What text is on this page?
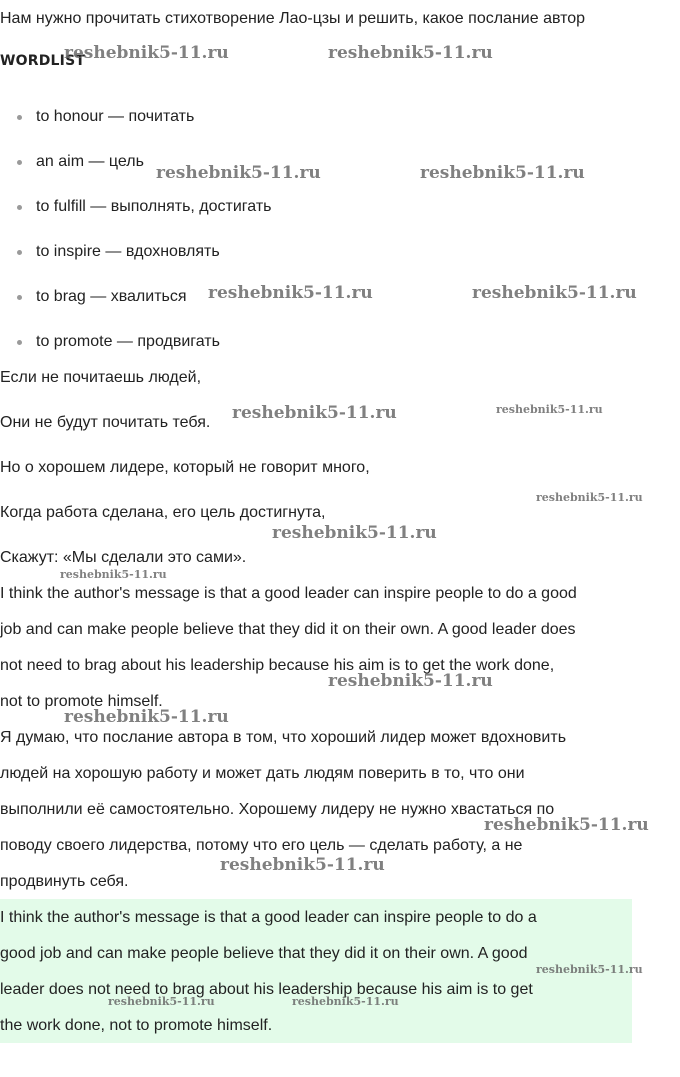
Нам нужно прочитать стихотворение Лао-цзы и решить, какое послание автор
WORDLIST
to honour — почитать
an aim — цель
to fulfill — выполнять, достигать
to inspire — вдохновлять
to brag — хвалиться
to promote — продвигать
Если не почитаешь людей,
Они не будут почитать тебя.
Но о хорошем лидере, который не говорит много,
Когда работа сделана, его цель достигнута,
Скажут: «Мы сделали это сами».
I think the author's message is that a good leader can inspire people to do a good
job and can make people believe that they did it on their own. A good leader does
not need to brag about his leadership because his aim is to get the work done,
not to promote himself.
Я думаю, что послание автора в том, что хороший лидер может вдохновить
людей на хорошую работу и может дать людям поверить в то, что они
выполнили её самостоятельно. Хорошему лидеру не нужно хвастаться по
поводу своего лидерства, потому что его цель — сделать работу, а не
продвинуть себя.
I think the author's message is that a good leader can inspire people to do a
good job and can make people believe that they did it on their own. A good
leader does not need to brag about his leadership because his aim is to get
the work done, not to promote himself.
reshebnik5-11.ru	reshebnik5-11.ru
reshebnik5-11.ru	reshebnik5-11.ru
reshebnik5-11.ru	reshebnik5-11.ru
reshebnik5-11.ru	reshebnik5-11.ru
reshebnik5-11.ru
reshebnik5-11.ru
reshebnik5-11.ru
reshebnik5-11.ru
reshebnik5-11.ru
reshebnik5-11.ru
reshebnik5-11.ru
reshebnik5-11.ru
reshebnik5-11.ru	reshebnik5-11.ru
